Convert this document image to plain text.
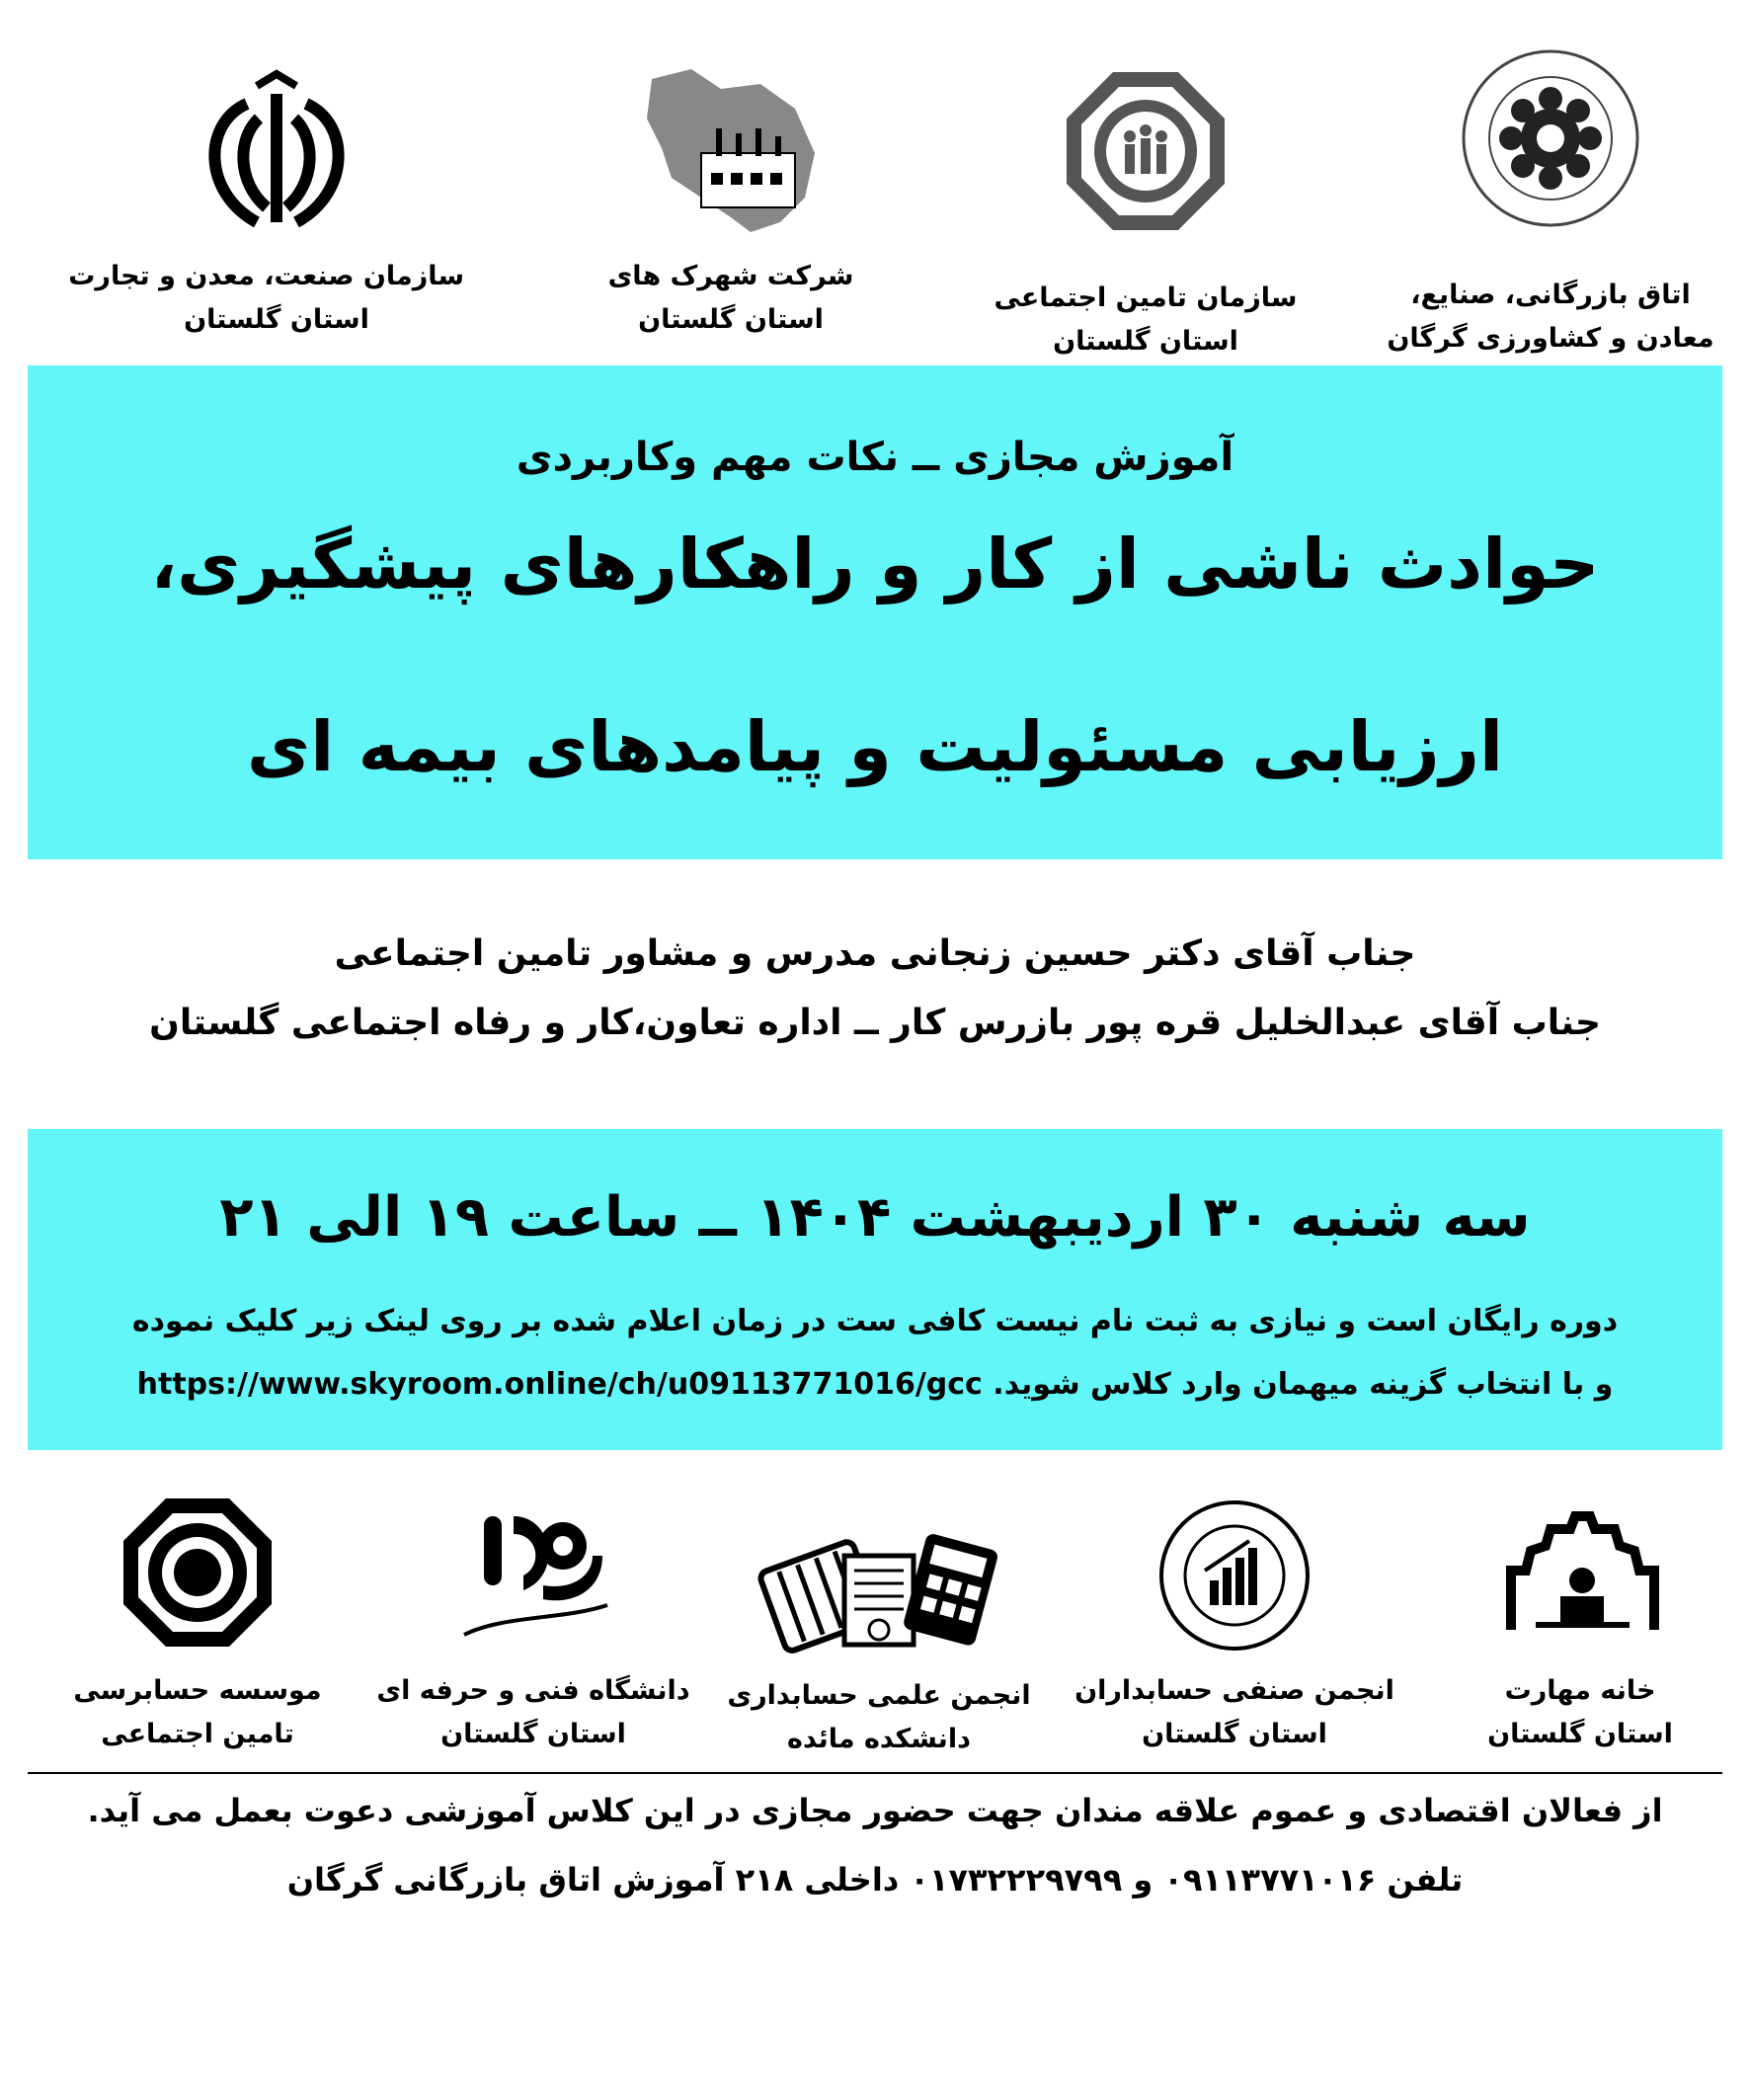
اتاق بازرگانی، صنایع،
معادن و کشاورزی گرگان
سازمان تامین اجتماعی
استان گلستان
شرکت شهرک های
استان گلستان
سازمان صنعت، معدن و تجارت
استان گلستان
آموزش مجازی ــ نکات مهم وکاربردی
حوادث ناشی از کار و راهکارهای پیشگیری،
ارزیابی مسئولیت و پیامدهای بیمه ای
جناب آقای دکتر حسین زنجانی مدرس و مشاور تامین اجتماعی
جناب آقای عبدالخلیل قره پور بازرس کار ــ اداره تعاون،کار و رفاه اجتماعی گلستان
سه شنبه ۳۰ اردیبهشت ۱۴۰۴ ــ ساعت ۱۹ الی ۲۱
دوره رایگان است و نیازی به ثبت نام نیست کافی ست در زمان اعلام شده بر روی لینک زیر کلیک نموده
و با انتخاب گزینه میهمان وارد کلاس شوید. https://www.skyroom.online/ch/u09113771016/gcc
خانه مهارت
استان گلستان
انجمن صنفی حسابداران
استان گلستان
انجمن علمی حسابداری
دانشکده مائده
دانشگاه فنی و حرفه ای
استان گلستان
موسسه حسابرسی
تامین اجتماعی
از فعالان اقتصادی و عموم علاقه مندان جهت حضور مجازی در این کلاس آموزشی دعوت بعمل می آید.
تلفن ۰۹۱۱۳۷۷۱۰۱۶ و ۰۱۷۳۲۲۲۹۷۹۹ داخلی ۲۱۸ آموزش اتاق بازرگانی گرگان
